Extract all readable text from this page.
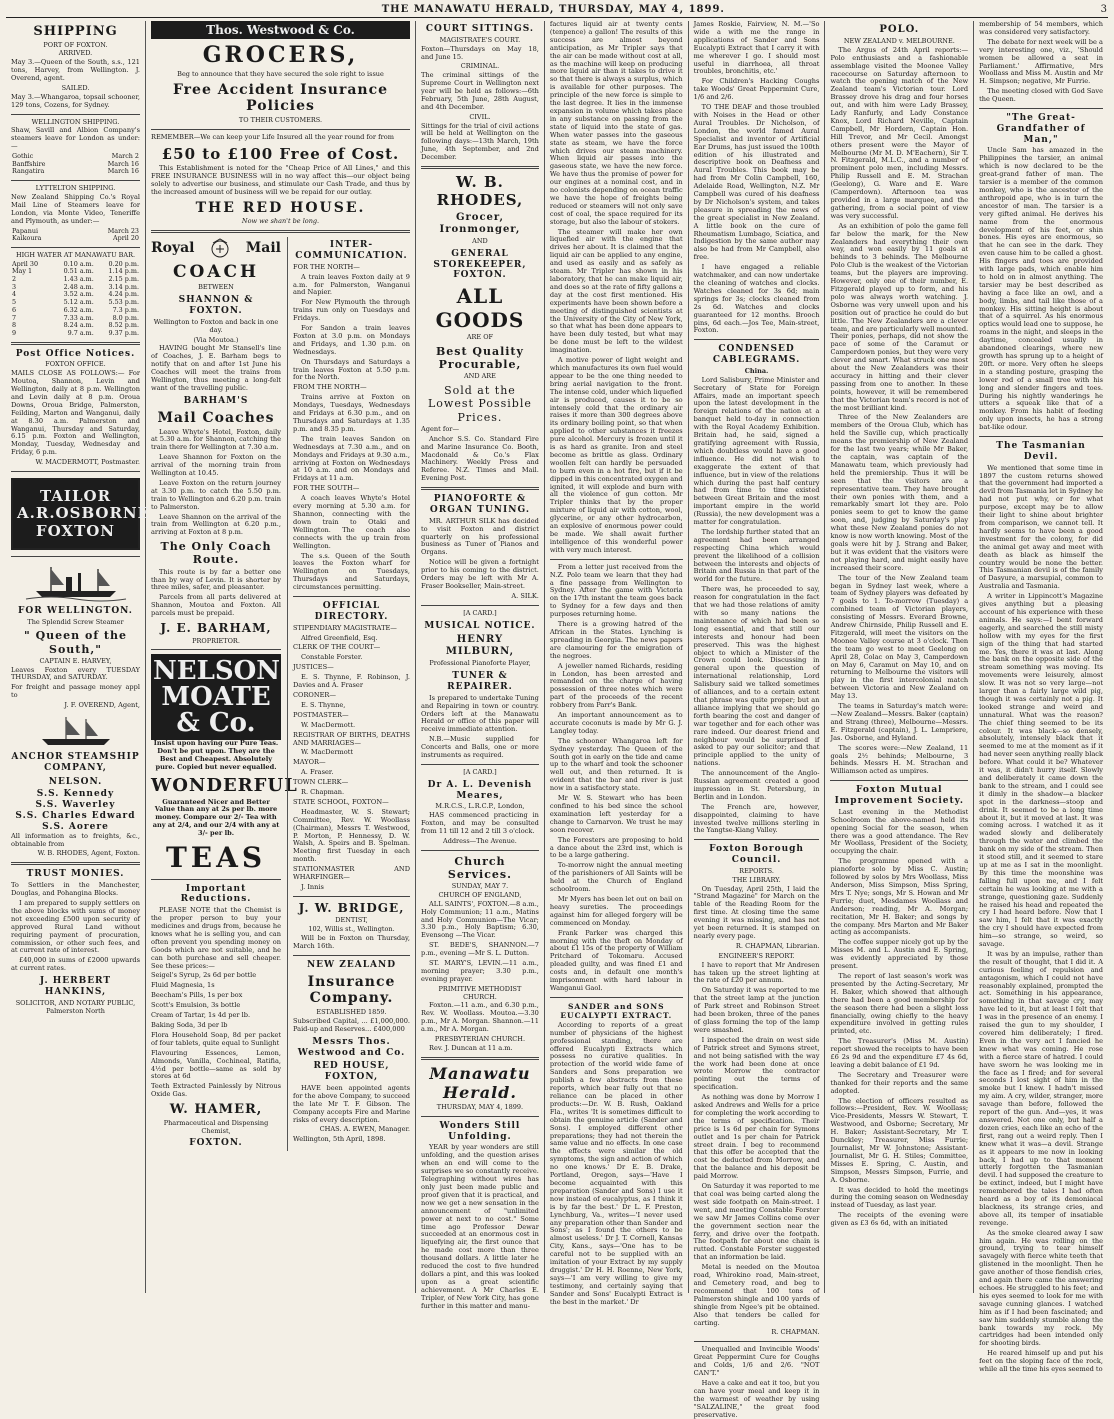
THE MANAWATU HERALD, THURSDAY, MAY 4, 1899.	3
SHIPPING
PORT OF FOXTON.
ARRIVED.

May 3.—Queen of the South, s.s., 121 tons, Harvey, from Wellington. J. Overend, agent.

SAILED.

May 3.—Whangaroa, topsail schooner, 129 tons, Cozens, for Sydney.

WELLINGTON SHIPPING.

Shaw, Savill and Albion Company's steamers leave for London as under:—

Gothic	March 2
Banffshire	March 16
Rangatira	March 16
LYTTELTON SHIPPING.

New Zealand Shipping Co.'s Royal Mail Line of Steamers leave for London, via Monte Video, Teneriffe and Plymouth, as under:—

Papanui	March 23
Kaikoura	April 20
HIGH WATER AT MANAWATU BAR.
April 30	0.10 a.m.	0.20 p.m.
May 1	0.51 a.m.	1.14 p.m.
2	1.43 a.m.	2.15 p.m.
3	2.48 a.m.	3.14 p.m.
4	3.52 a.m.	4.24 p.m.
5	5.12 a.m.	5.53 p.m.
6	6.32 a.m.	7.3 p.m.
7	7.33 a.m.	8.0 p.m.
8	8.24 a.m.	8.52 p.m.
9	9.7 a.m.	9.37 p.m.
Post Office Notices.
FOXTON OFFICE.

MAILS CLOSE AS FOLLOWS:— For Moutoa, Shannon, Levin and Wellington, daily at 8 p.m. Wellington and Levin daily at 8 p.m. Oroua Downs, Oroua Bridge, Palmerston, Feilding, Marton and Wanganui, daily at 8.30 a.m. Palmerston and Wanganui, Thursday and Saturday, 6.15 p.m. Foxton and Wellington, Monday, Tuesday, Wednesday and Friday, 6 p.m.

W. MACDERMOTT, Postmaster.

TAILOR A.R.OSBORNE FOXTON
FOR WELLINGTON.
The Splendid Screw Steamer
" Queen of the South,"
CAPTAIN E. HARVEY,

Leaves Foxton every TUESDAY THURSDAY, and SATURDAY.

For freight and passage money appl to

J. F. OVEREND, Agent,

ANCHOR STEAMSHIP COMPANY,
NELSON.
S.S. Kennedy
S.S. Waverley
S.S. Charles Edward
S.S. Aorere

All information as to freights, &c., obtainable from

W. B. RHODES, Agent, Foxton.

TRUST MONIES.

To Settlers in the Manchester, Douglas, and Pohangina Blocks.

I am prepared to supply settlers on the above blocks with sums of money not exceeding £500 upon security of approved Rural Land without requiring payment of procuration, commission, or other such fees, and at current rate of interest.

£40,000 in sums of £2000 upwards at current rates.

J. HERBERT HANKINS,
SOLICITOR, AND NOTARY PUBLIC, Palmerston North
Thos. Westwood & Co.
GROCERS,
Beg to announce that they have secured the sole right to issue
Free Accident Insurance Policies
TO THEIR CUSTOMERS.

REMEMBER—We can keep your Life Insured all the year round for from

£50 to £100 Free of Cost.

This Establishment is noted for the "Cheap Price of All Lines," and this FREE INSURANCE BUSINESS will in no way affect this—our object being solely to advertise our business, and stimulate our Cash Trade, and thus by the increased amount of business will we be repaid for our outlay.

THE RED HOUSE.
Now we shan't be long.
Royal	Mail
COACH
BETWEEN
SHANNON & FOXTON.

Wellington to Foxton and back in one day.

(Via Moutoa.)

HAVING bought Mr Stansell's line of Coaches, J. E. Barham begs to notify that on and after 1st June his Coaches will meet the trains from Wellington, thus meeting a long-felt want of the travelling public.

BARHAM'S
Mail Coaches

Leave Whyte's Hotel, Foxton, daily at 5.30 a.m. for Shannon, catching the train there for Wellington at 7.30 a.m.

Leave Shannon for Foxton on the arrival of the morning train from Wellington at 10.45.

Leave Foxton on the return journey at 3.30 p.m. to catch the 5.50 p.m. train to Wellington and 6.20 p.m. train to Palmerston.

Leave Shannon on the arrival of the train from Wellington at 6.20 p.m., arriving at Foxton at 8 p.m.

The Only Coach Route.

This route is by far a better one than by way of Levin. It is shorter by three miles, safer, and pleasanter.

Parcels from all parts delivered at Shannon, Moutoa and Foxton. All parcels must be prepaid.

J. E. BARHAM,
PROPRIETOR.
NELSON MOATE & Co.

Insist upon having our Pure Teas. Don't be put upon. They are the Best and Cheapest. Absolutely pure. Copied but never equalled.

WONDERFUL

Guaranteed Nicer and Better Value than any at 2s per lb. more money. Compare our 2/- Tea with any at 2/4, and our 2/4 with any at 3/- per lb.

TEAS
Important Reductions.

PLEASE NOTE that the Chemist is the proper person to buy your medicines and drugs from, because he knows what he is selling you, and can often prevent you spending money on Goods which are not suitable, and he can both purchase and sell cheaper. See these prices:—

Seigel's Syrup, 2s 6d per bottle

Fluid Magnesia, 1s

Beecham's Pills, 1s per box

Scott's Emulsion, 3s bottle

Cream of Tartar, 1s 4d per lb.

Baking Soda, 3d per lb

Flora Household Soap, 8d per packet of four tablets, quite equal to Sunlight

Flavouring Essences, Lemon, Almonds, Vanilla, Cochineal, Ratifia, 4½d per bottle—same as sold by stores at 6d

Teeth Extracted Painlessly by Nitrous Oxide Gas.

W. HAMER,
Pharmaceutical and Dispensing Chemist,
FOXTON.
INTER-COMMUNICATION.

FOR THE NORTH—

A train leaves Foxton daily at 9 a.m. for Palmerston, Wanganui and Napier.

For New Plymouth the through trains run only on Tuesdays and Fridays.

For Sandon a train leaves Foxton at 3.0 p.m. on Mondays and Fridays, and 1.30 p.m. on Wednesdays.

On Thursdays and Saturdays a train leaves Foxton at 5.50 p.m. for the North.

FROM THE NORTH—

Trains arrive at Foxton on Mondays, Tuesdays, Wednesdays and Fridays at 6.30 p.m., and on Thursdays and Saturdays at 1.35 p.m. and 8.35 p.m.

The train leaves Sandon on Wednesdays at 7.30 a.m., and on Mondays and Fridays at 9.30 a.m., arriving at Foxton on Wednesdays at 10 a.m. and on Mondays and Fridays at 11 a.m.

FOR THE SOUTH—

A coach leaves Whyte's Hotel every morning at 5.30 a.m. for Shannon, connecting with the down train to Otaki and Wellington. The coach also connects with the up train from Wellington.

The s.s. Queen of the South leaves the Foxton wharf for Wellington on Tuesdays, Thursdays and Saturdays, circumstances permitting.

OFFICIAL DIRECTORY.

STIPENDIARY MAGISTRATE—

Alfred Greenfield, Esq.

CLERK OF THE COURT—

Constable Forster.

JUSTICES—

E. S. Thynne, F. Robinson, J. Davies and A. Fraser

CORONER—

E. S. Thynne,

POSTMASTER—

W. MacDermott.

REGISTRAR OF BIRTHS, DEATHS AND MARRIAGES—

W. MacDermott

MAYOR—

A. Fraser.

TOWN CLERK—

R. Chapman.

STATE SCHOOL, FOXTON—

Headmaster, W. S. Stewart; Committee, Rev. W. Woollass (Chairman), Messrs T. Westwood, P. Morton, P. Hennessy, D. W. Walsh, A. Speirs and B. Spelman. Meeting first Tuesday in each month.

STATIONMASTER AND WHARFINGER—

J. Innis

J. W. BRIDGE,
DENTIST,
102, Willis st., Wellington.

Will be in Foxton on Thursday, March 16th.

NEW ZEALAND
Insurance Company.
ESTABLISHED 1859.

Subscribed Capital, ... £1,000,000. Paid-up and Reserves... £400,000

Messrs Thos. Westwood and Co.
RED HOUSE, FOXTON,

HAVE been appointed agents for the above Company, to succeed the late Mr T. F. Gibson. The Company accepts Fire and Marine risks of every description.

CHAS. A. EWEN, Manager.

Wellington, 5th April, 1898.

COURT SITTINGS.
MAGISTRATE'S COURT.

Foxton—Thursdays on May 18, and June 15.

CRIMINAL.

The criminal sittings of the Supreme Court in Wellington next year will be held as follows:—6th February, 5th June, 28th August, and 4th December.

CIVIL.

Sittings for the trial of civil actions will be held at Wellington on the following days:—13th March, 19th June, 4th September, and 2nd December.

W. B. RHODES,
Grocer, Ironmonger,
AND
GENERAL STOREKEEPER, FOXTON.
ALL GOODS
ARE OF
Best Quality Procurable,
AND ARE
Sold at the Lowest Possible Prices.

Agent for—

Anchor S.S. Co. Standard Fire and Marine Insurance Co. Booth, Macdonald & Co.'s Flax Machinery. Weekly Press and Referee. N.Z. Times and Mail. Evening Post.

PIANOFORTE & ORGAN TUNING.

MR. ARTHUR SILK has decided to visit Foxton and district quarterly on his professional business as Tuner of Pianos and Organs.

Notice will be given a fortnight prior to his coming to the district. Orders may be left with Mr A. Fraser Bookseller, Main-street.

A. SILK.

[A CARD.]
MUSICAL NOTICE.
HENRY MILBURN,
Professional Pianoforte Player,
TUNER & REPAIRER.

Is prepared to undertake Tuning and Repairing in town or country. Orders left at the Manawatu Herald or office of this paper will receive immediate attention.

N.B.—Music supplied for Concerts and Balls, one or more instruments as required.

[A CARD.]
Dr A. L. Devenish Meares,
M.R.C.S., L.R.C.P., London,

HAS commenced practicing in Foxton, and may be consulted from 11 till 12 and 2 till 3 o'clock.

Address—The Avenue.
Church Services.
SUNDAY, MAY 7.
CHURCH OF ENGLAND,

ALL SAINTS', FOXTON.—8 a.m., Holy Communion; 11 a.m., Matins and Holy Communion—The Vicar; 3.30 p.m., Holy Baptism; 6.30, Evensong —The Vicar.

ST. BEDE'S, SHANNON.—7 p.m., evening —Mr S. L. Dutton.

ST. MARY'S, LEVIN.—11 a.m., morning prayer; 3.30 p.m., evening prayer.

PRIMITIVE METHODIST CHURCH.

Foxton.—11 a.m., and 6.30 p.m., Rev. W. Woollass. Moutoa.—3.30 p.m., Mr A. Morgan. Shannon.—11 a.m., Mr A. Morgan.

PRESBYTERIAN CHURCH.

Rev. J. Duncan at 11 a.m.

Manawatu Herald.
THURSDAY, MAY 4, 1899.
Wonders Still Unfolding.

YEAR by year wonders are still unfolding, and the question arises when an end will come to the surprises we so constantly receive. Telegraphing without wires has only just been made public and proof given that it is practical, and now we get a new sensation in the announcement of "unlimited power at next to no cost." Some time ago Professor Dewar succeeded at an enormous cost in liquefying air, the first ounce that he made cost more than three thousand dollars. A little later he reduced the cost to five hundred dollars a pint, and this was looked upon as a great scientific achievement. A Mr Charles E. Tripler, of New York City, has gone further in this matter and manu-

factures liquid air at twenty cents (tenpence) a gallon! The results of this success are almost beyond anticipation, as Mr Tripler says that the air can be made without cost at all, as the machine will keep on producing more liquid air than it takes to drive it so that there is always a surplus, which is available for other purposes. The principle of the new force is simple to the last degree. It lies in the immense expansion in volume which takes place in any substance on passing from the state of liquid into the state of gas. When water passes into the gaseous state as steam, we have the force which drives our steam machinery. When liquid air passes into the gaseous state, we have the new force. We have thus the promise of power for our engines at a nominal cost, and in no colonists depending on ocean traffic we have the hope of freights being reduced or steamers will not only save cost of coal, the space required for its storage, but also the labour of stokers.

The steamer will make her own liquefied air with the engine that drives her about. It is claimed that the liquid air can be applied to any engine, and used as easily and as safely as steam. Mr Tripler has shown in his laboratory, that he can make liquid air, and does so at the rate of fifty gallons a day at the cost first mentioned. His experiments have been shown before a meeting of distinguished scientists at the University of the City of New York, so that what has been done appears to have been duly tested, but what may be done must be left to the wildest imagination.

A motive power of light weight and which manufactures its own fuel would appear to be the one thing needed to bring aerial navigation to the front. The intense cold, under which liquefied air is produced, causes it to be so intensely cold that the ordinary air raises it more than 300 degrees above its ordinary boiling point, so that when applied to other substances it freezes pure alcohol. Mercury is frozen until it is as hard as granite. Iron and steel become as brittle as glass. Ordinary woollen felt can hardly be persuaded to burn even in a hot fire, but if it be dipped in this concentrated oxygen and ignited, it will explode and burn with all the violence of gun cotton. Mr Tripler thinks that by the proper mixture of liquid air with cotton, wool, glycerine, or any other hydrocarbon, an explosive of enormous power could be made. We shall await further intelligence of this wonderful power with very much interest.

From a letter just received from the N.Z. Polo team we learn that they had a fine passage from Wellington to Sydney. After the game with Victoria on the 17th instant the team goes back to Sydney for a few days and then purposes returning home.

There is a growing hatred of the African in the States. Lynching is spreading in Georgia. The news papers are clamouring for the emigration of the negroes.

A jeweller named Richards, residing in London, has been arrested and remanded on the charge of having possession of three notes which were part of the proceeds of the recent robbery from Parr's Bank.

An important announcement as to accurate coconuts is made by Mr G. J. Langley today.

The schooner Whangaroa left for Sydney yesterday. The Queen of the South got in early on the tide and came up to the wharf and took the schooner well out, and then returned. It is evident that the bar and river is just now in a satisfactory state.

Mr W. S. Stewart who has been confined to his bed since the school examination left yesterday for a change to Carnarvon. We trust he may soon recover.

The Foresters are proposing to hold a dance about the 23rd inst, which is to be a large gathering.

To-morrow night the annual meeting of the parishioners of All Saints will be held at the Church of England schoolroom.

Mr Myers has been let out on bail on heavy sureties. The proceedings against him for alleged forgery will be commenced on Monday.

Frank Parker was charged this morning with the theft on Monday of about £1 15s of the property of William Pritchard of Tokomaru. Accused pleaded guilty, and was fined £1 and costs and, in default one month's imprisonment with hard labour in Wanganui Gaol.

SANDER and SONS EUCALYPTI EXTRACT.

According to reports of a great number of physicians of the highest professional standing, there are offered Eucalypti Extracts which possess no curative qualities. In protection of the world wide fame of Sanders and Sons preparation we publish a few abstracts from these reports, which bear fully out that no reliance can be placed in other products:—Dr. W. B. Rush, Oakland Fla., writes 'It is sometimes difficult to obtain the genuine article (Sander and Sons). I employed different other preparations; they had not therein the same value and no effects. In one case the effects were similar the old symptoms, the sign and action of which no one knows.' Dr E. B. Drake, Portland, Oregon, says—'Have I become acquainted with this preparation (Sander and Sons) I use it now instead of eucalyptus, as I think it is by far the best.' Dr L. F. Preston, Lynchburg, Va., writes—'I never used any preparation other than Sander and Sons'; as I found the others to be almost useless.' Dr J. T. Cornell, Kansas City, Kans., says—'One has to be careful not to be supplied with an imitation of your Extract by my supply druggist.' Dr H. H. Roenne, New York, says—'I am very willing to give my testimony, and certainly saying that Sander and Sons' Eucalypti Extract is the best in the market.' Dr

James Roskie, Fairview, N. M.—'So wide a with me the range in applications of Sander and Sons Eucalypti Extract that I carry it with me wherever I go. I should most useful in diarrhoea, all throat troubles, bronchitis, etc.'

For Children's Hacking Coughs take Woods' Great Peppermint Cure, 1/6 and 2/6.

TO THE DEAF and those troubled with Noises in the Head or other Aural Troubles. Dr Nicholson, of London, the world famed Aural Specialist and inventor of Artificial Ear Drums, has just issued the 100th edition of his illustrated and descriptive book on Deafness and Aural Troubles. This book may be had from Mr Colin Campbell, 160, Adelaide Road, Wellington, N.Z. Mr Campbell was cured of his deafness by Dr Nicholson's system, and takes pleasure in spreading the news of the great specialist in New Zealand. A little book on the cure of Rheumatism Lumbago, Sciatica, and Indigestion by the same author may also be had from Mr Campbell, also free.

I have engaged a reliable watchmaker, and can now undertake the cleaning of watches and clocks. Watches cleaned for 3s 6d; main springs for 3s; clocks cleaned from 2s 6d. Watches and clocks guaranteed for 12 months. Brooch pins, 6d each.—Jos Tee, Main-street, Foxton.

CONDENSED CABLEGRAMS.
China.

Lord Salisbury, Prime Minister and Secretary of State for Foreign Affairs, made an important speech upon the latest development in the foreign relations of the nation at a banquet held to-day in connection with the Royal Academy Exhibition. Britain had, he said, signed a gratifying agreement with Russia, which doubtless would have a good influence. He did not wish to exaggerate the extent of that influence, but in view of the relations which during the past half century had from time to time existed between Great Britain and the most important empire in the world (Russia), the new development was a matter for congratulation.

The lordship further stated that an agreement had been arranged respecting China which would prevent the likelihood of a collision between the interests and objects of Britain and Russia in that part of the world for the future.

There was, he proceeded to say, reason for congratulation in the fact that we had those relations of amity with so many nations the maintenance of which had been so long essential, and that still our interests and honour had been preserved. This was the highest object to which a Minister of the Crown could look. Discussing in general upon the question of international relationship, Lord Salisbury said we talked sometimes of alliances, and to a certain extent that phrase was quite proper; but an alliance implying that we should go forth bearing the cost and danger of war together and for each other was rare indeed. Our dearest friend and neighbour would be surprised if asked to pay our solicitor; and that principle applied to the unity of nations.

The announcement of the Anglo-Russian agreement created a good impression in St. Petersburg, in Berlin and in London.

The French are, however, disappointed, claiming to have invested twelve millions sterling in the Yangtse-Kiang Valley.

Foxton Borough Council.
REPORTS.
THE LIBRARY.

On Tuesday, April 25th, I laid the "Strand Magazine" for March on the table of the Reading Room for the first time. At closing time the same evening it was missing, and has not yet been returned. It is stamped on nearly every page.

R. CHAPMAN, Librarian.

ENGINEER'S REPORT.

I have to report that Mr Andresen has taken up the street lighting at the rate of £20 per annum.

On Saturday it was reported to me that the street lamp at the junction of Park street and Robinson Street had been broken, three of the panes of glass forming the top of the lamp were smashed.

I inspected the drain on west side of Patrick street and Symons street, and not being satisfied with the way the work had been done at once wrote Morrow the contractor pointing out the terms of specification.

As nothing was done by Morrow I asked Andrews and Wells for a price for completing the work according to the terms of specification. Their price is 1s 6d per chain for Symons outlet and 1s per chain for Patrick street drain. I beg to recommend that this offer be accepted that the cost be deducted from Morrow, and that the balance and his deposit be paid Morrow.

On Saturday it was reported to me that coal was being carted along the west side footpath on Main-street. I went, and meeting Constable Forster we saw Mr James Collins come over the government section near the ferry, and drive over the footpath. The footpath for about one chain is rutted. Constable Forster suggested that an information be laid.

Metal is needed on the Moutoa road, Whirokino road, Main-street, and Cemetery road, and beg to recommend that 100 tons of Palmerston shingle and 100 yards of shingle from Ngee's pit be obtained. Also that tenders be called for carting.

R. CHAPMAN.

Unequalled and Invincible Woods' Great Peppermint Cure for Coughs and Colds, 1/6 and 2/6. "NOT CAN'T."

Have a cake and eat it too, but you can have your meal and keep it in the warmest of weather by using "SALZALINE," the great food preservative.

POLO.
NEW ZEALAND v. MELBOURNE.

The Argus of 24th April reports:— Polo enthusiasts and a fashionable assemblage visited the Moonee Valley racecourse on Saturday afternoon to watch the opening match of the New Zealand team's Victorian tour. Lord Brassey drove his drag and four horses out, and with him were Lady Brassey, Lady Ranfurly, and Lady Constance Knox, Lord Richard Neville, Captain Campbell, Mr Hordern, Captain Hon. Hill Trevor, and Mr Cecil. Amongst others present were the Mayor of Melbourne (Mr M. D. M'Eachern), Sir T. N. Fitzgerald, M.L.C., and a number of prominent polo men, including Messrs. Philip Russell and E. M. Strachan (Geelong), G. Ware and E. Ware (Camperdown). Afternoon tea was provided in a large marquee, and the gathering, from a social point of view was very successful.

As an exhibition of polo the game fell far below the mark, for the New Zealanders had everything their own way, and won easily by 11 goals at behinds to 3 behinds. The Melbourne Polo Club is the weakest of the Victorian teams, but the players are improving. However, only one of their number, E. Fitzgerald played up to form, and his polo was always worth watching. J. Osborne was very unwell upon and his position out of practice he could do but little. The New Zealanders are a clever team, and are particularly well mounted. Their ponies, perhaps, did not show the pace of some of the Caramut or Camperdown ponies, but they were very clever and smart. What struck one most about the New Zealanders was their accuracy in hitting and their clever passing from one to another. In these points, however, it will be remembered that the Victorian team's record is not of the most brilliant kind.

Three of the New Zealanders are members of the Oroua Club, which has held the Saville cup, which practically means the premiership of New Zealand for the last two years; while Mr Baker, the captain, was captain of the Manawatu team, which previously had held the premiership. Thus it will be seen that the visitors are a representative team. They have brought their own ponies with them, and a remarkably smart lot they are. Polo ponies seem to get to know the game soon, and, judging by Saturday's play what these New Zealand ponies do not know is now worth knowing. Most of the goals were hit by J. Strang and Baker, but it was evident that the visitors were not playing hard, and might easily have increased their score.

The tour of the New Zealand team began in Sydney last week, where a team of Sydney players was defeated by 7 goals to 1. To-morrow (Tuesday) a combined team of Victorian players, consisting of Messrs. Everard Browne, Andrew Chirnside, Philip Russell and E. Fitzgerald, will meet the visitors on the Moonee Valley course at 3 o'clock. Then the team go west to meet Geelong on April 28, Colac on May 3, Camperdown on May 6, Caramut on May 10, and on returning to Melbourne the visitors will play in the first intercolonial match between Victoria and New Zealand on May 13.

The teams in Saturday's match were:—New Zealand—Messrs. Baker (captain) and Strang (three), Melbourne—Messrs. E. Fitzgerald (captain), J. L. Lempriere, Jas. Osborne, and Hyland.

The scores were:—New Zealand, 11 goals 2½ behinds; Melbourne, 3 behinds. Messrs H. M. Strachan and Williamson acted as umpires.

Foxton Mutual Improvement Society.

Last evening in the Methodist Schoolroom the above-named held its opening Social for the season, when there was a good attendance. The Rev Mr Woollass, President of the Society, occupying the chair.

The programme opened with a pianoforte solo by Miss C. Austin; followed by solos by Mrs Woollass, Miss Anderson, Miss Simpson, Miss Spring, Mrs T. Nye; songs, Mr S. Howan and Mr Furrie; duet, Mesdames Woollass and Anderson; reading, Mr A. Morgan; recitation, Mr H. Baker; and songs by the company. Mrs Marton and Mr Baker acting as accompanists.

The coffee supper nicely got up by the Misses M. and L. Austin and E. Spring, was evidently appreciated by those present.

The report of last season's work was presented by the Acting-Secretary, Mr H. Baker, which showed that although there had been a good membership for the season there had been a slight loss financially, owing chiefly to the heavy expenditure involved in getting rules printed, etc.

The Treasurer's (Miss M. Austin) report showed the receipts to have been £6 2s 9d and the expenditure £7 4s 6d, leaving a debit balance of £1 9d.

The Secretary and Treasurer were thanked for their reports and the same adopted.

The election of officers resulted as follows:—President, Rev. W. Woollass; Vice-Presidents, Messrs W. Stewart, T. Westwood, and Osborne; Secretary, Mr H. Baker; Assistant-Secretary, Mr T. Dunckley; Treasurer, Miss Furrie; Journalist, Mr W. Johnstone; Assistant-Journalist, Mr G. H. Stiles; Committee, Misses E. Spring, C. Austin, and Simpson, Messrs Simpson, Furrie, and A. Osborne.

It was decided to hold the meetings during the coming season on Wednesday instead of Tuesday, as last year.

The receipts of the evening were given as £3 6s 6d, with an initiated

membership of 54 members, which was considered very satisfactory.

The debate for next week will be a very interesting one, viz., 'Should women be allowed a seat in Parliament.' Affirmative, Mrs Woollass and Miss M. Austin and Mr H. Simpson; negative, Mr Furrie.

The meeting closed with God Save the Queen.

"The Great-Grandfather of Man,"

Uncle Sam has amazed in the Philippines the tarsier, an animal which is now declared to be the great-grand father of man. The tarsier is a member of the common monkey, who is the ancestor of the anthropoid ape, who is in turn the ancestor of man. The tarsier is a very gifted animal. He derives his name from the enormous development of his feet, or shin bones. His eyes are enormous, so that he can see in the dark. They even cause him to be called a ghost. His fingers and toes are provided with large pads, which enable him to hold on in almost anything. The tarsier may be best described as having a face like an owl, and a body, limbs, and tail like those of a monkey. His sitting height is about that of a squirrel. As his enormous optics would lead one to suppose, he roams in the night, and sleeps in the daytime, concealed usually in abandoned clearings, where new growth has sprung up to a height of 20ft. or more. Very often he sleeps in a standing posture, grasping the lower rod of a small tree with his long and slender fingers and toes. During his nightly wanderings he utters a squeak like that of a monkey. From his habit of feeding only upon insects, he has a strong bat-like odour.

The Tasmanian Devil.

We mentioned that some time in 1897 the custom returns showed that the government had imported a devil from Tasmania let in Sydney he had not put why, or for what purpose, except may be to allow their light to shine about brighter from comparison, we cannot tell. It hardly seems to have been a good investment for the colony, for did the animal get away and meet with death as black as himself the country would be none the better. This Tasmanian devil is of the family of Dasyure, a marsupial, common to Australia and Tasmania.

A writer in Lippincott's Magazine gives anything but a pleasing account of his experience with these animals. He says:—I bent forward eagerly, and searched the still misty hollow with my eyes for the first sign of the thing that had started me. Yes, there it was at last. Along the bank on the opposite side of the stream something was moving. Its movements were leisurely, almost slow. It was not so very large—not larger than a fairly large wild pig, though it was certainly not a pig. It looked strange and weird and unnatural. What was the reason? The chief thing seemed to be its colour. It was black—so densely, absolutely, intensely black that it seemed to me at the moment as if it had never seen anything really black before. What could it be? Whatever it was, it didn't hurry itself. Slowly and deliberately it came down the bank to the stream, and I could see it dimly in the shadow—a blacker spot in the darkness—stoop and drink. It seemed to be a long time about it, but it moved at last. It was coming across. I watched it as it waded slowly and deliberately through the water and climbed the bank on my side of the stream. Then it stood still, and it seemed to stare up at me as I sat in the moonlight. By this time the moonshine was falling full upon me, and I felt certain he was looking at me with a strange, questioning gaze. Suddenly he raised his head and repeated the cry I had heard before. Now that I saw him, I felt that it was exactly the cry I should have expected from him—so strange, so weird, so savage.

It was by an impulse, rather than the result of thought, that I did it. A curious feeling of repulsion and antagonism, which I could not have reasonably explained, prompted the act. Something in his appearance, something in that savage cry, may have led to it, but at least I felt that I was in the presence of an enemy. I raised the gun to my shoulder, I covered him deliberately; I fired. Even in the very act I fancied he knew what was coming. He rose with a fierce stare of hatred. I could have sworn he was looking me in the face as I fired; and for several seconds I lost sight of him in the smoke but I knew. I hadn't missed my aim. A cry, wilder, stranger, more savage than before, followed the report of the gun. And—yes, it was answered. Not one only, but half a dozen cries, each like an echo of the first, rang out a weird reply. Then I knew what it was—a devil. Strange as it appears to me now in looking back, I had up to that moment utterly forgotten the Tasmanian devil. I had supposed the creature to be extinct, indeed, but I might have remembered the tales I had often heard as a boy of its demoniacal blackness, its strange cries, and above all, its temper of insatiable revenge.

As the smoke cleared away I saw him again. He was rolling on the ground, trying to tear himself savagely with fierce white teeth that glistened in the moonlight. Then he gave another of those fiendish cries, and again there came the answering echoes. He struggled to his feet; and his eyes seemed to look for me with savage cunning glances. I watched him as if I had been fascinated; and saw him suddenly stumble along the bank towards my rock. My cartridges had been intended only for shooting birds.

He reared himself up and put his feet on the sloping face of the rock, while all the time his eyes seemed to
